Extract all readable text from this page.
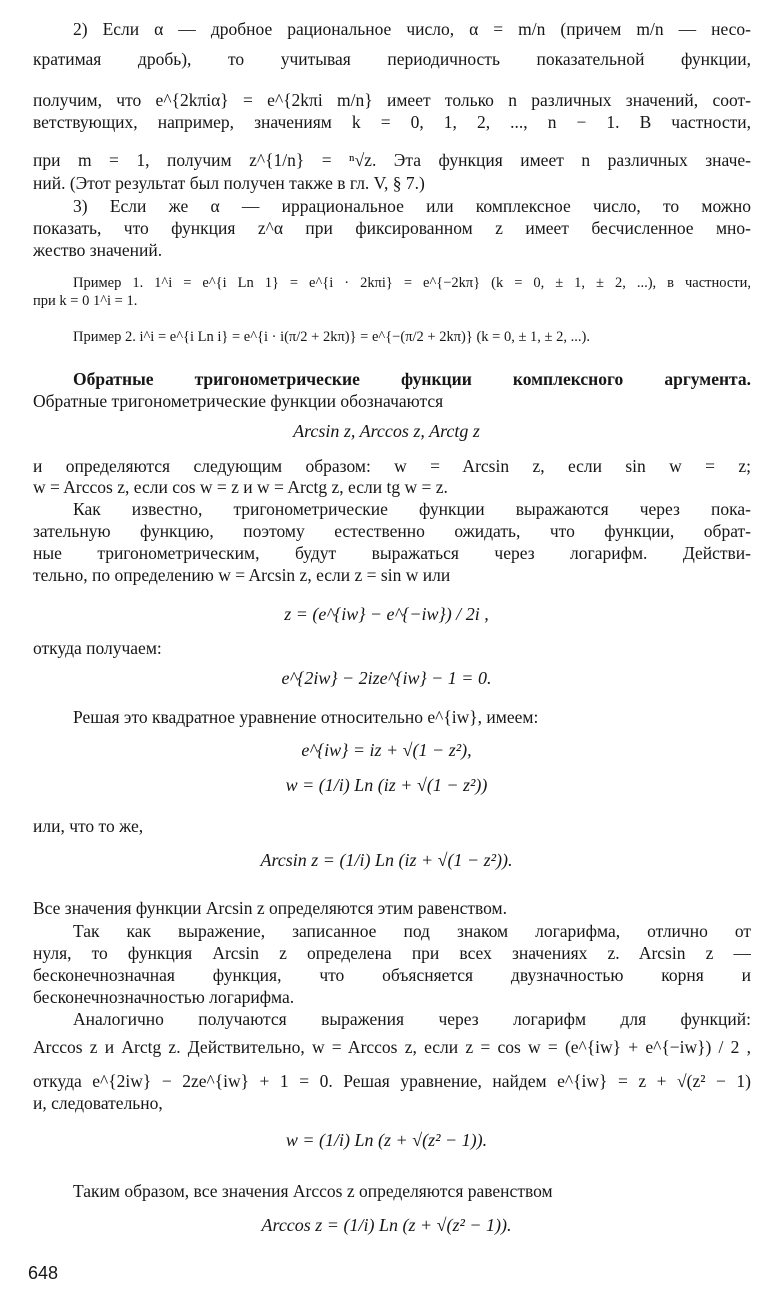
2) Если α — дробное рациональное число, α = m/n (причем m/n — несо-
кратимая дробь), то учитывая периодичность показательной функции,
получим, что e^{2kπiα} = e^{2kπi m/n} имеет только n различных значений, соот-
ветствующих, например, значениям k = 0, 1, 2, ..., n − 1. В частности,
при m = 1, получим z^{1/n} = ⁿ√z. Эта функция имеет n различных значе-
ний. (Этот результат был получен также в гл. V, § 7.)
3) Если же α — иррациональное или комплексное число, то можно
показать, что функция z^α при фиксированном z имеет бесчисленное мно-
жество значений.
Пример 1. 1^i = e^{i Ln 1} = e^{i · 2kπi} = e^{−2kπ} (k = 0, ± 1, ± 2, ...), в частности,
при k = 0 1^i = 1.
Пример 2. i^i = e^{i Ln i} = e^{i · i(π/2 + 2kπ)} = e^{−(π/2 + 2kπ)} (k = 0, ± 1, ± 2, ...).
Обратные тригонометрические функции комплексного аргумента.
Обратные тригонометрические функции обозначаются
Arcsin z, Arccos z, Arctg z
и определяются следующим образом: w = Arcsin z, если sin w = z;
w = Arccos z, если cos w = z и w = Arctg z, если tg w = z.
Как известно, тригонометрические функции выражаются через пока-
зательную функцию, поэтому естественно ожидать, что функции, обрат-
ные тригонометрическим, будут выражаться через логарифм. Действи-
тельно, по определению w = Arcsin z, если z = sin w или
z = (e^{iw} − e^{−iw}) / 2i ,
откуда получаем:
e^{2iw} − 2ize^{iw} − 1 = 0.
Решая это квадратное уравнение относительно e^{iw}, имеем:
e^{iw} = iz + √(1 − z²),
w = (1/i) Ln (iz + √(1 − z²))
или, что то же,
Arcsin z = (1/i) Ln (iz + √(1 − z²)).
Все значения функции Arcsin z определяются этим равенством.
Так как выражение, записанное под знаком логарифма, отлично от
нуля, то функция Arcsin z определена при всех значениях z. Arcsin z —
бесконечнозначная функция, что объясняется двузначностью корня и
бесконечнозначностью логарифма.
Аналогично получаются выражения через логарифм для функций:
Arccos z и Arctg z. Действительно, w = Arccos z, если z = cos w = (e^{iw} + e^{−iw}) / 2 ,
откуда e^{2iw} − 2ze^{iw} + 1 = 0. Решая уравнение, найдем e^{iw} = z + √(z² − 1)
и, следовательно,
w = (1/i) Ln (z + √(z² − 1)).
Таким образом, все значения Arccos z определяются равенством
Arccos z = (1/i) Ln (z + √(z² − 1)).
648
